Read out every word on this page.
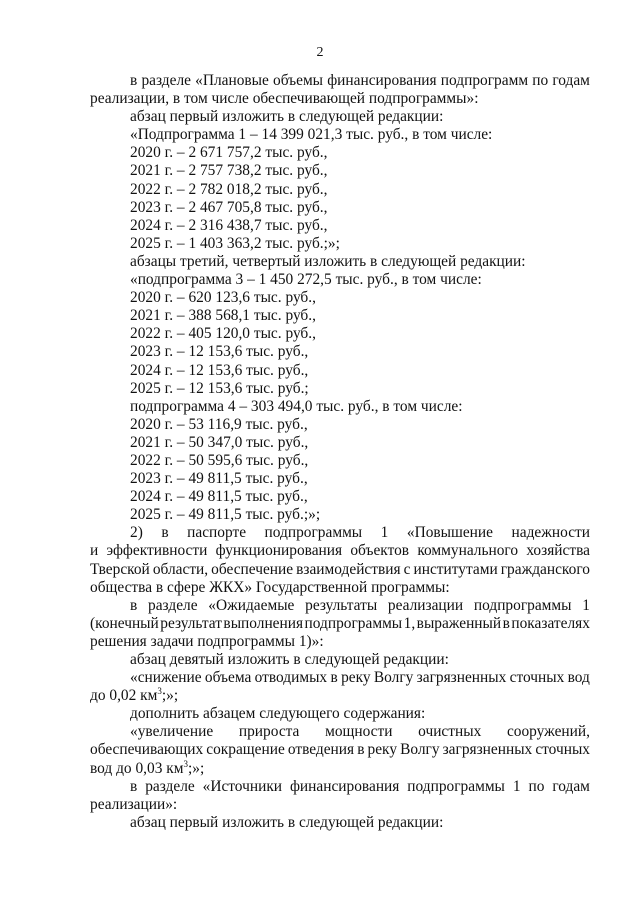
2
в разделе «Плановые объемы финансирования подпрограмм по годам
реализации, в том числе обеспечивающей подпрограммы»:
абзац первый изложить в следующей редакции:
«Подпрограмма 1 – 14 399 021,3 тыс. руб., в том числе:
2020 г. – 2 671 757,2 тыс. руб.,
2021 г. – 2 757 738,2 тыс. руб.,
2022 г. – 2 782 018,2 тыс. руб.,
2023 г. – 2 467 705,8 тыс. руб.,
2024 г. – 2 316 438,7 тыс. руб.,
2025 г. – 1 403 363,2 тыс. руб.;»;
абзацы третий, четвертый изложить в следующей редакции:
«подпрограмма 3 – 1 450 272,5 тыс. руб., в том числе:
2020 г. – 620 123,6 тыс. руб.,
2021 г. – 388 568,1 тыс. руб.,
2022 г. – 405 120,0 тыс. руб.,
2023 г. – 12 153,6 тыс. руб.,
2024 г. – 12 153,6 тыс. руб.,
2025 г. – 12 153,6 тыс. руб.;
подпрограмма 4 – 303 494,0 тыс. руб., в том числе:
2020 г. – 53 116,9 тыс. руб.,
2021 г. – 50 347,0 тыс. руб.,
2022 г. – 50 595,6 тыс. руб.,
2023 г. – 49 811,5 тыс. руб.,
2024 г. – 49 811,5 тыс. руб.,
2025 г. – 49 811,5 тыс. руб.;»;
2) в паспорте подпрограммы 1 «Повышение надежности
и эффективности функционирования объектов коммунального хозяйства
Тверской области, обеспечение взаимодействия с институтами гражданского
общества в сфере ЖКХ» Государственной программы:
в разделе «Ожидаемые результаты реализации подпрограммы 1
(конечный результат выполнения подпрограммы 1, выраженный в показателях
решения задачи подпрограммы 1)»:
абзац девятый изложить в следующей редакции:
«снижение объема отводимых в реку Волгу загрязненных сточных вод
до 0,02 $км^3$;»;
дополнить абзацем следующего содержания:
«увеличение прироста мощности очистных сооружений,
обеспечивающих сокращение отведения в реку Волгу загрязненных сточных
вод до 0,03 $км^3$;»;
в разделе «Источники финансирования подпрограммы 1 по годам
реализации»:
абзац первый изложить в следующей редакции:
